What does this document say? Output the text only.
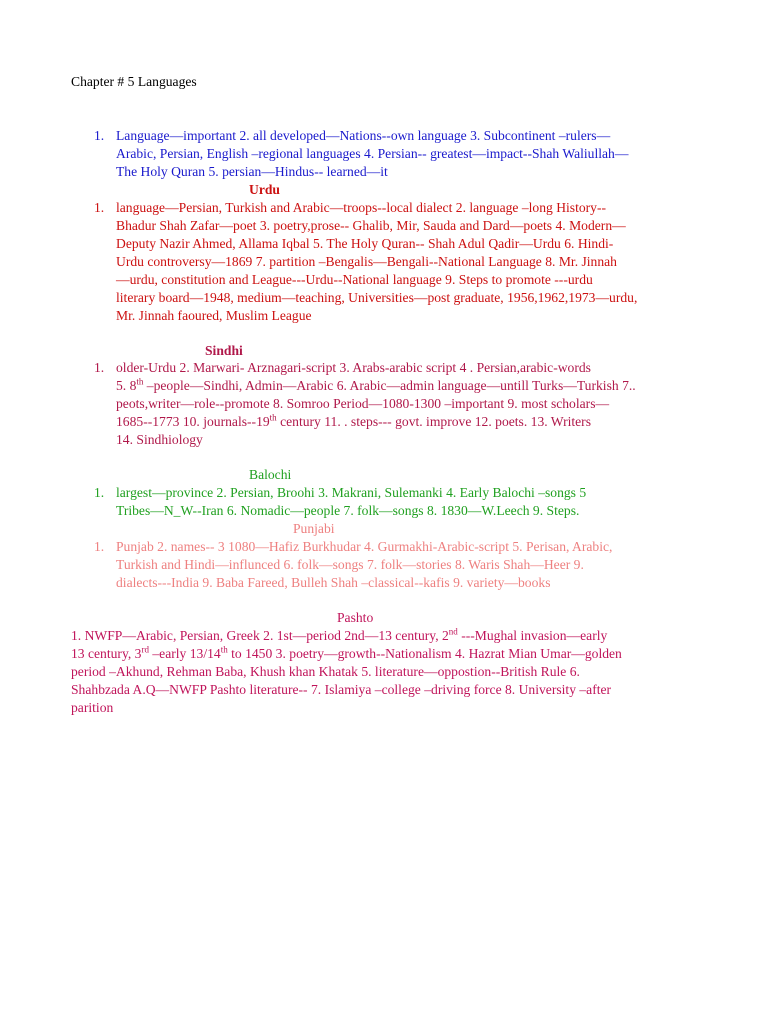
Chapter # 5 Languages
1. Language—important 2. all developed—Nations--own language 3. Subcontinent –rulers—
Arabic, Persian, English –regional languages 4. Persian-- greatest—impact--Shah Waliullah—
The Holy Quran 5. persian—Hindus-- learned—it
Urdu
1. language—Persian, Turkish and Arabic—troops--local dialect 2. language –long History--
Bhadur Shah Zafar—poet 3. poetry,prose-- Ghalib, Mir, Sauda and Dard—poets 4. Modern—
Deputy Nazir Ahmed, Allama Iqbal 5. The Holy Quran-- Shah Adul Qadir—Urdu 6. Hindi-
Urdu controversy—1869 7. partition –Bengalis—Bengali--National Language 8. Mr. Jinnah
—urdu, constitution and League---Urdu--National language 9. Steps to promote ---urdu
literary board—1948, medium—teaching, Universities—post graduate, 1956,1962,1973—urdu,
Mr. Jinnah faoured, Muslim League
Sindhi
1. older-Urdu 2. Marwari- Arznagari-script 3. Arabs-arabic script 4 . Persian,arabic-words
5. 8th –people—Sindhi, Admin—Arabic 6. Arabic—admin language—untill Turks—Turkish 7..
peots,writer—role--promote 8. Somroo Period—1080-1300 –important 9. most scholars—
1685--1773 10. journals--19th century 11. . steps--- govt. improve 12. poets. 13. Writers
14. Sindhiology
Balochi
1. largest—province 2. Persian, Broohi 3. Makrani, Sulemanki 4. Early Balochi –songs 5
Tribes—N_W--Iran 6. Nomadic—people 7. folk—songs 8. 1830—W.Leech 9. Steps.
Punjabi
1. Punjab 2. names-- 3 1080—Hafiz Burkhudar 4. Gurmakhi-Arabic-script 5. Perisan, Arabic,
Turkish and Hindi—influnced 6. folk—songs 7. folk—stories 8. Waris Shah—Heer 9.
dialects---India 9. Baba Fareed, Bulleh Shah –classical--kafis 9. variety—books
Pashto
1. NWFP—Arabic, Persian, Greek 2. 1st—period 2nd—13 century, 2nd ---Mughal invasion—early
13 century, 3rd –early 13/14th to 1450 3. poetry—growth--Nationalism 4. Hazrat Mian Umar—golden
period –Akhund, Rehman Baba, Khush khan Khatak 5. literature—oppostion--British Rule 6.
Shahbzada A.Q—NWFP Pashto literature-- 7. Islamiya –college –driving force 8. University –after
parition
